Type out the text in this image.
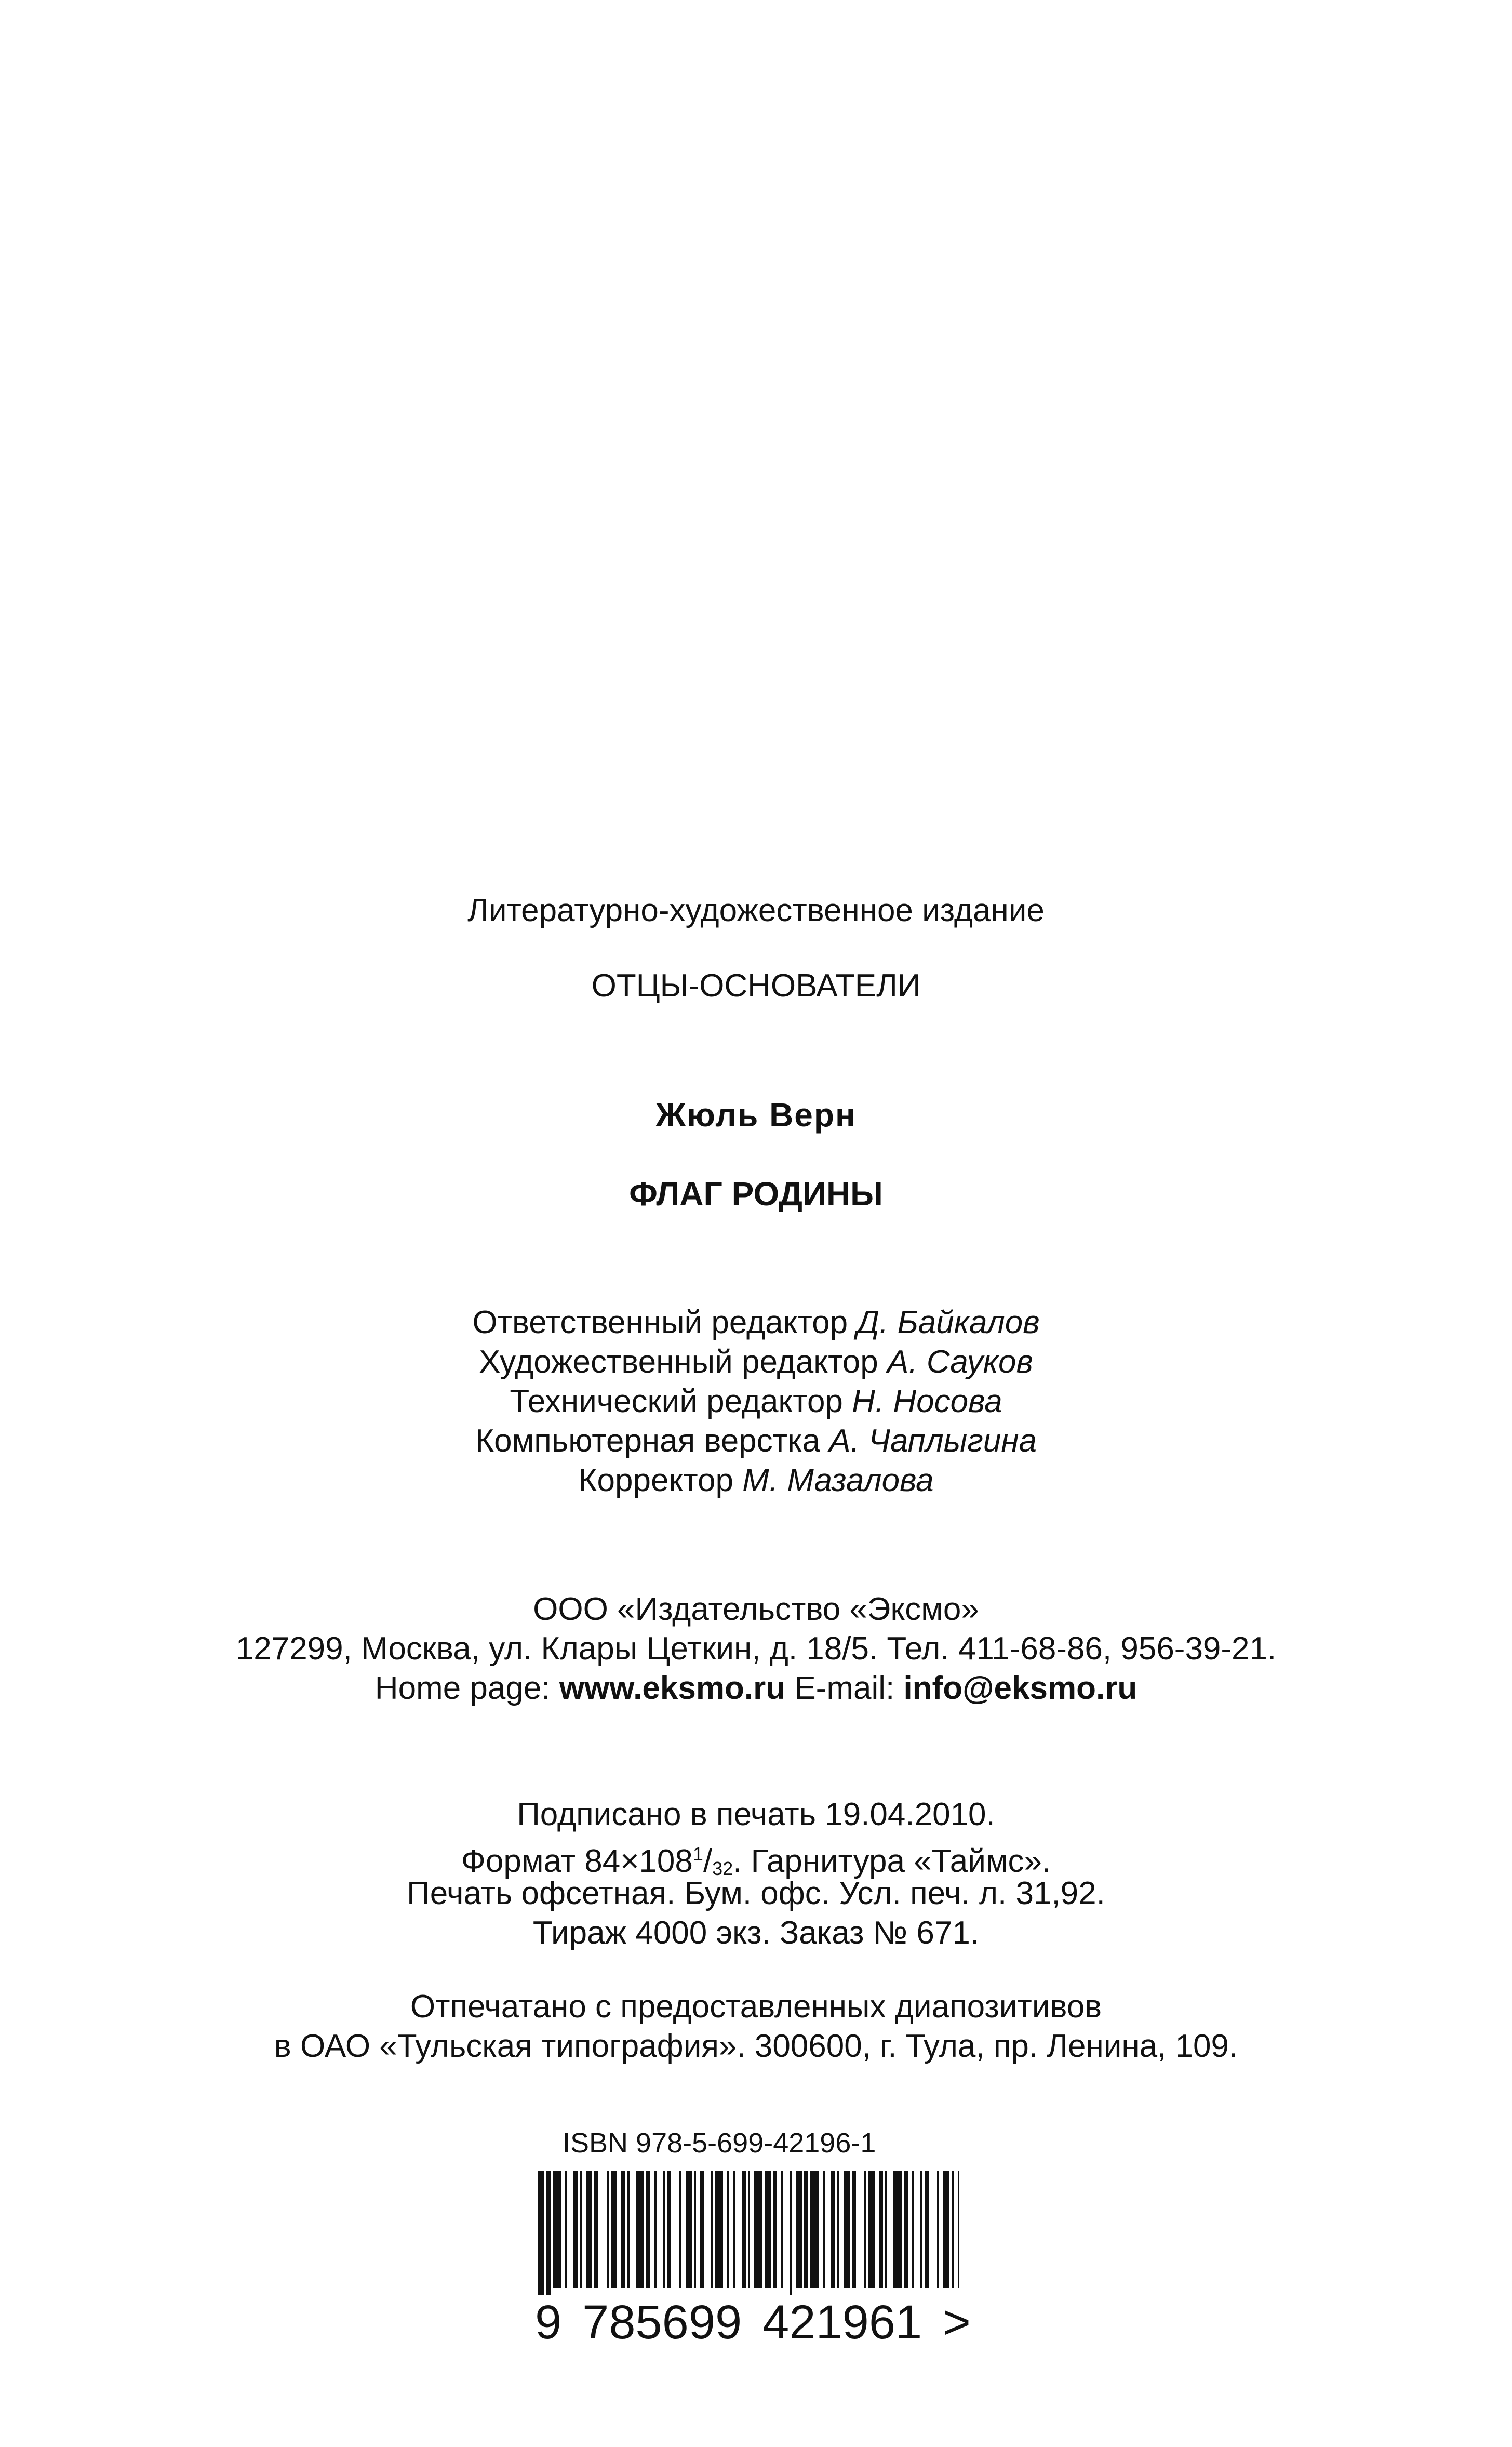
Литературно-художественное издание
ОТЦЫ-ОСНОВАТЕЛИ
Жюль Верн
ФЛАГ РОДИНЫ
Ответственный редактор Д. Байкалов
Художественный редактор А. Сауков
Технический редактор Н. Носова
Компьютерная верстка А. Чаплыгина
Корректор М. Мазалова
ООО «Издательство «Эксмо»
127299, Москва, ул. Клары Цеткин, д. 18/5. Тел. 411-68-86, 956-39-21.
Home page: www.eksmo.ru E-mail: info@eksmo.ru
Подписано в печать 19.04.2010.
Формат $84\times 108^1/_{32}$. Гарнитура «Таймс».
Печать офсетная. Бум. офс. Усл. печ. л. 31,92.
Тираж 4000 экз. Заказ № 671.
Отпечатано с предоставленных диапозитивов
в ОАО «Тульская типография». 300600, г. Тула, пр. Ленина, 109.
ISBN 978-5-699-42196-1
9 785699 421961 >
